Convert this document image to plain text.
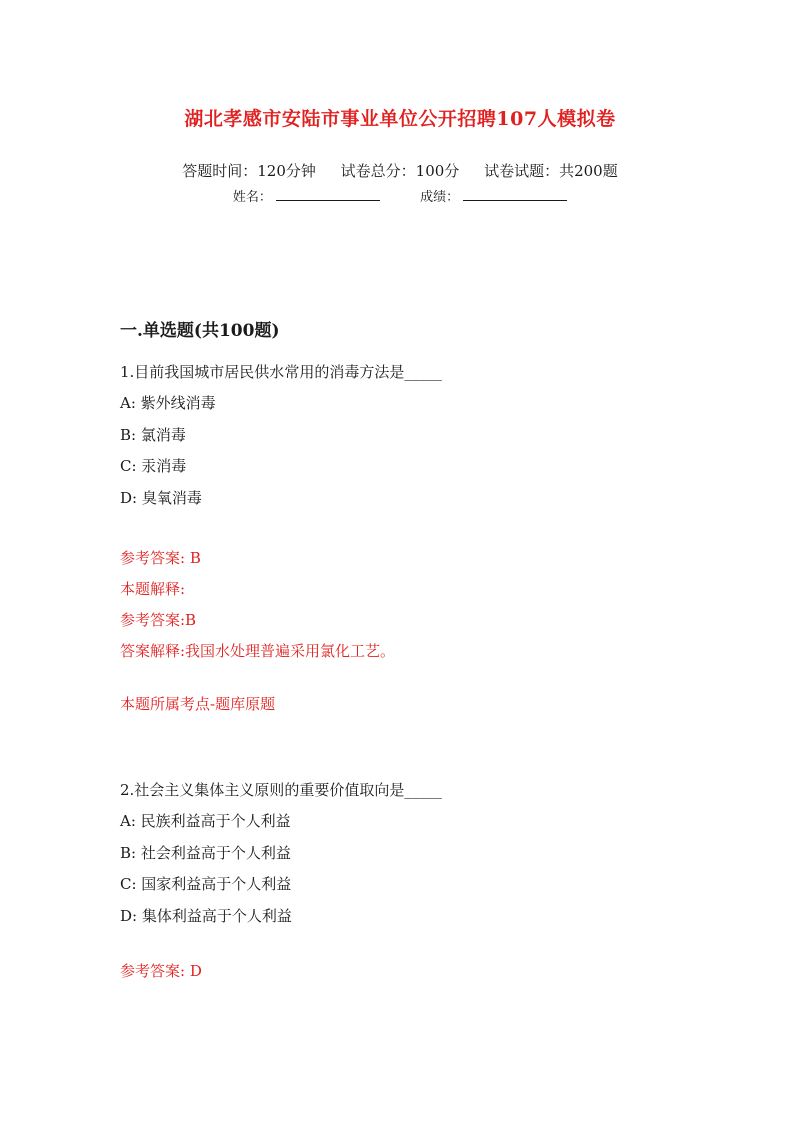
湖北孝感市安陆市事业单位公开招聘107人模拟卷
答题时间：120分钟 试卷总分：100分 试卷试题：共200题
姓名：	成绩：
一.单选题(共100题)
1.目前我国城市居民供水常用的消毒方法是_____
A: 紫外线消毒
B: 氯消毒
C: 汞消毒
D: 臭氧消毒
参考答案: B
本题解释:
参考答案:B
答案解释:我国水处理普遍采用氯化工艺。
本题所属考点-题库原题
2.社会主义集体主义原则的重要价值取向是_____
A: 民族利益高于个人利益
B: 社会利益高于个人利益
C: 国家利益高于个人利益
D: 集体利益高于个人利益
参考答案: D
